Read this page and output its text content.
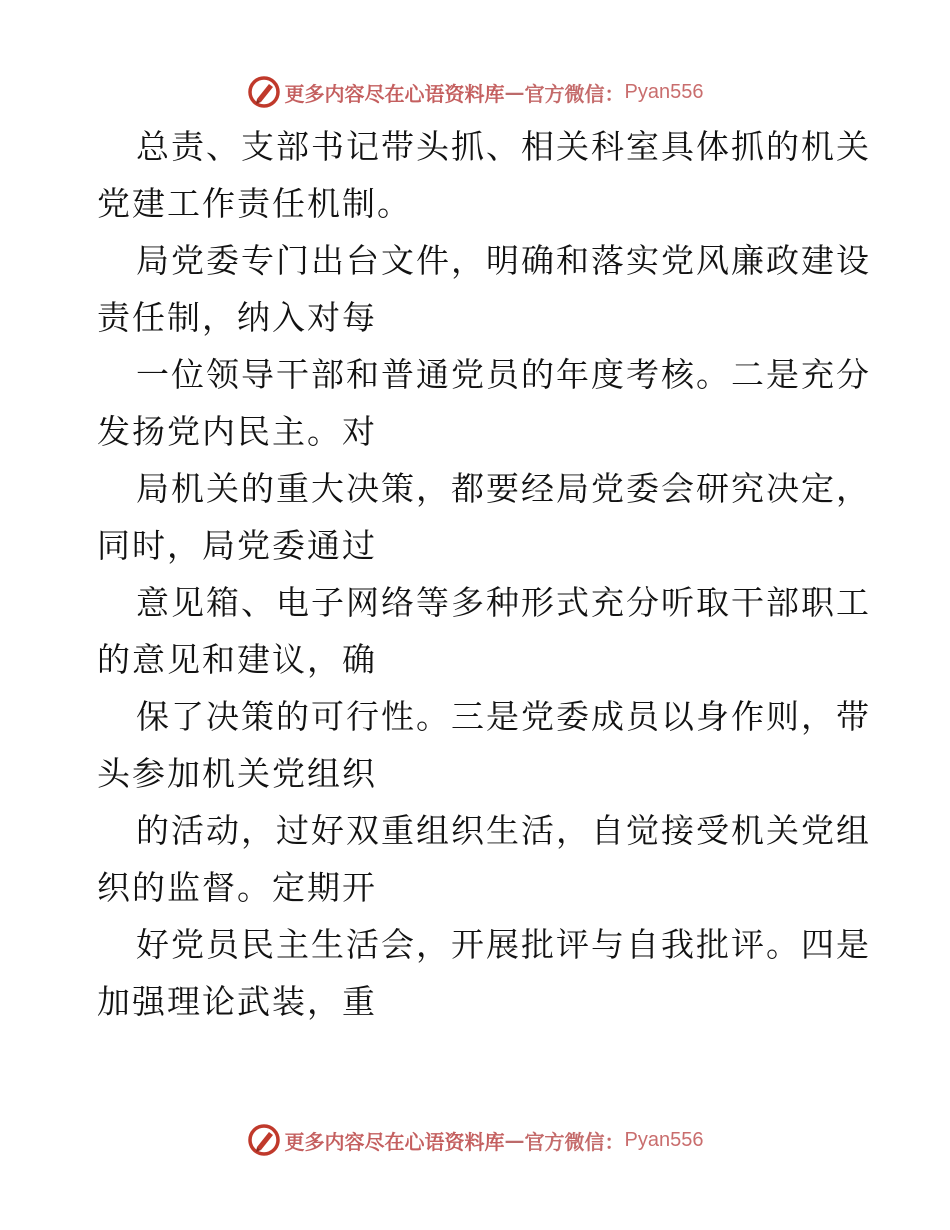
更多内容尽在心语资料库 — 官方微信： Pyan556
总责、支部书记带头抓、相关科室具体抓的机关
党建工作责任机制。
局党委专门出台文件，明确和落实党风廉政建设
责任制，纳入对每
一位领导干部和普通党员的年度考核。二是充分
发扬党内民主。对
局机关的重大决策，都要经局党委会研究决定，
同时，局党委通过
意见箱、电子网络等多种形式充分听取干部职工
的意见和建议，确
保了决策的可行性。三是党委成员以身作则，带
头参加机关党组织
的活动，过好双重组织生活，自觉接受机关党组
织的监督。定期开
好党员民主生活会，开展批评与自我批评。四是
加强理论武装，重
更多内容尽在心语资料库 — 官方微信： Pyan556
